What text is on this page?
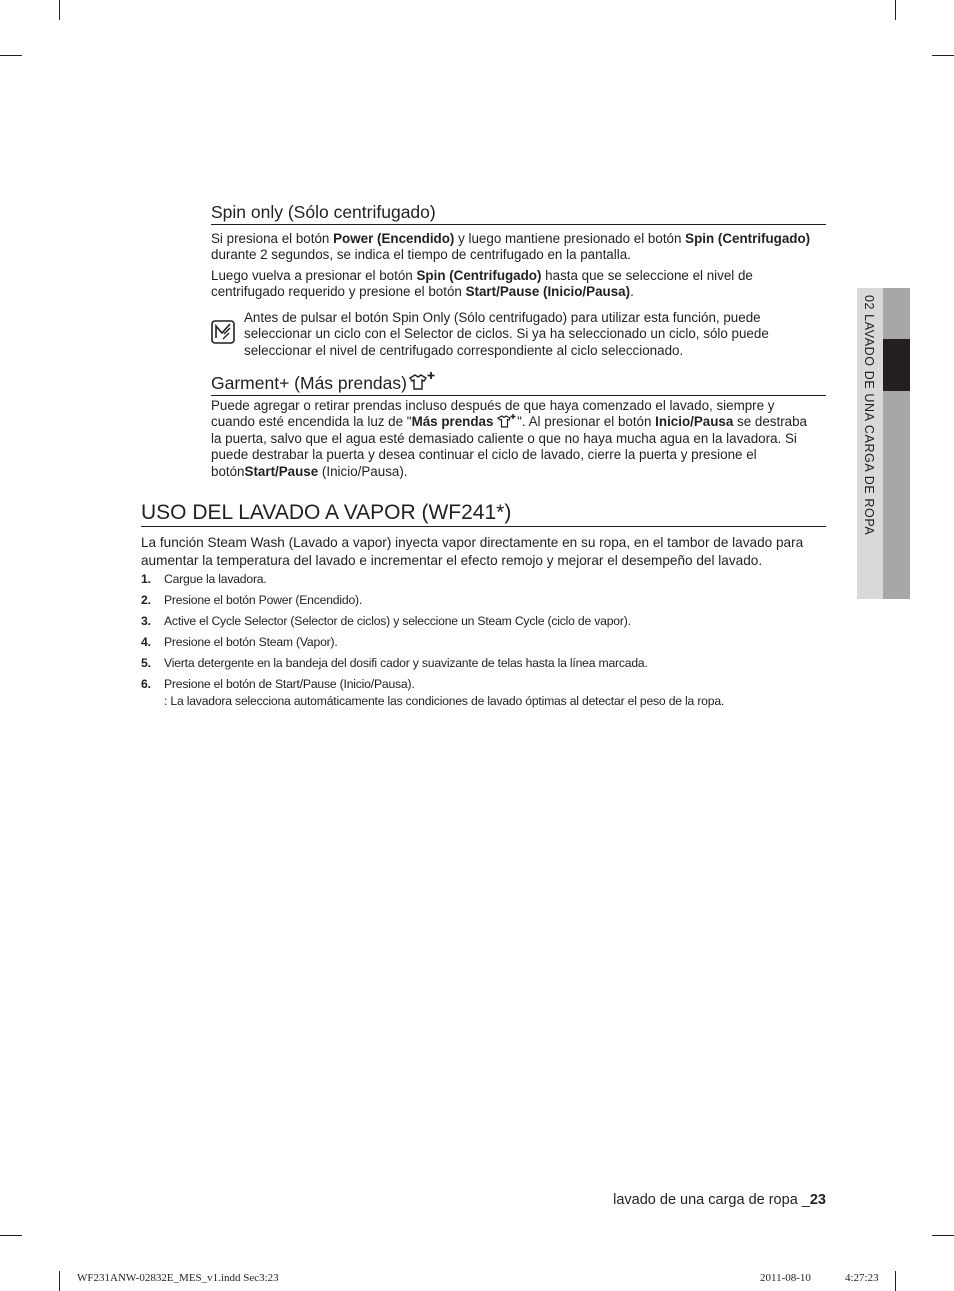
02 LAVADO DE UNA CARGA DE ROPA
Spin only (Sólo centrifugado)
Si presiona el botón Power (Encendido) y luego mantiene presionado el botón Spin (Centrifugado) durante 2 segundos, se indica el tiempo de centrifugado en la pantalla.
Luego vuelva a presionar el botón Spin (Centrifugado) hasta que se seleccione el nivel de centrifugado requerido y presione el botón Start/Pause (Inicio/Pausa).
Antes de pulsar el botón Spin Only (Sólo centrifugado) para utilizar esta función, puede seleccionar un ciclo con el Selector de ciclos. Si ya ha seleccionado un ciclo, sólo puede seleccionar el nivel de centrifugado correspondiente al ciclo seleccionado.
Garment+ (Más prendas)
Puede agregar o retirar prendas incluso después de que haya comenzado el lavado, siempre y cuando esté encendida la luz de "Más prendas ". Al presionar el botón Inicio/Pausa se destraba la puerta, salvo que el agua esté demasiado caliente o que no haya mucha agua en la lavadora. Si puede destrabar la puerta y desea continuar el ciclo de lavado, cierre la puerta y presione el botónStart/Pause (Inicio/Pausa).
USO DEL LAVADO A VAPOR (WF241*)
La función Steam Wash (Lavado a vapor) inyecta vapor directamente en su ropa, en el tambor de lavado para aumentar la temperatura del lavado e incrementar el efecto remojo y mejorar el desempeño del lavado.
1. Cargue la lavadora.
2. Presione el botón Power (Encendido).
3. Active el Cycle Selector (Selector de ciclos) y seleccione un Steam Cycle (ciclo de vapor).
4. Presione el botón Steam (Vapor).
5. Vierta detergente en la bandeja del dosifi cador y suavizante de telas hasta la línea marcada.
6. Presione el botón de Start/Pause (Inicio/Pausa).
: La lavadora selecciona automáticamente las condiciones de lavado óptimas al detectar el peso de la ropa.
lavado de una carga de ropa _23
WF231ANW-02832E_MES_v1.indd Sec3:23	2011-08-10	4:27:23
